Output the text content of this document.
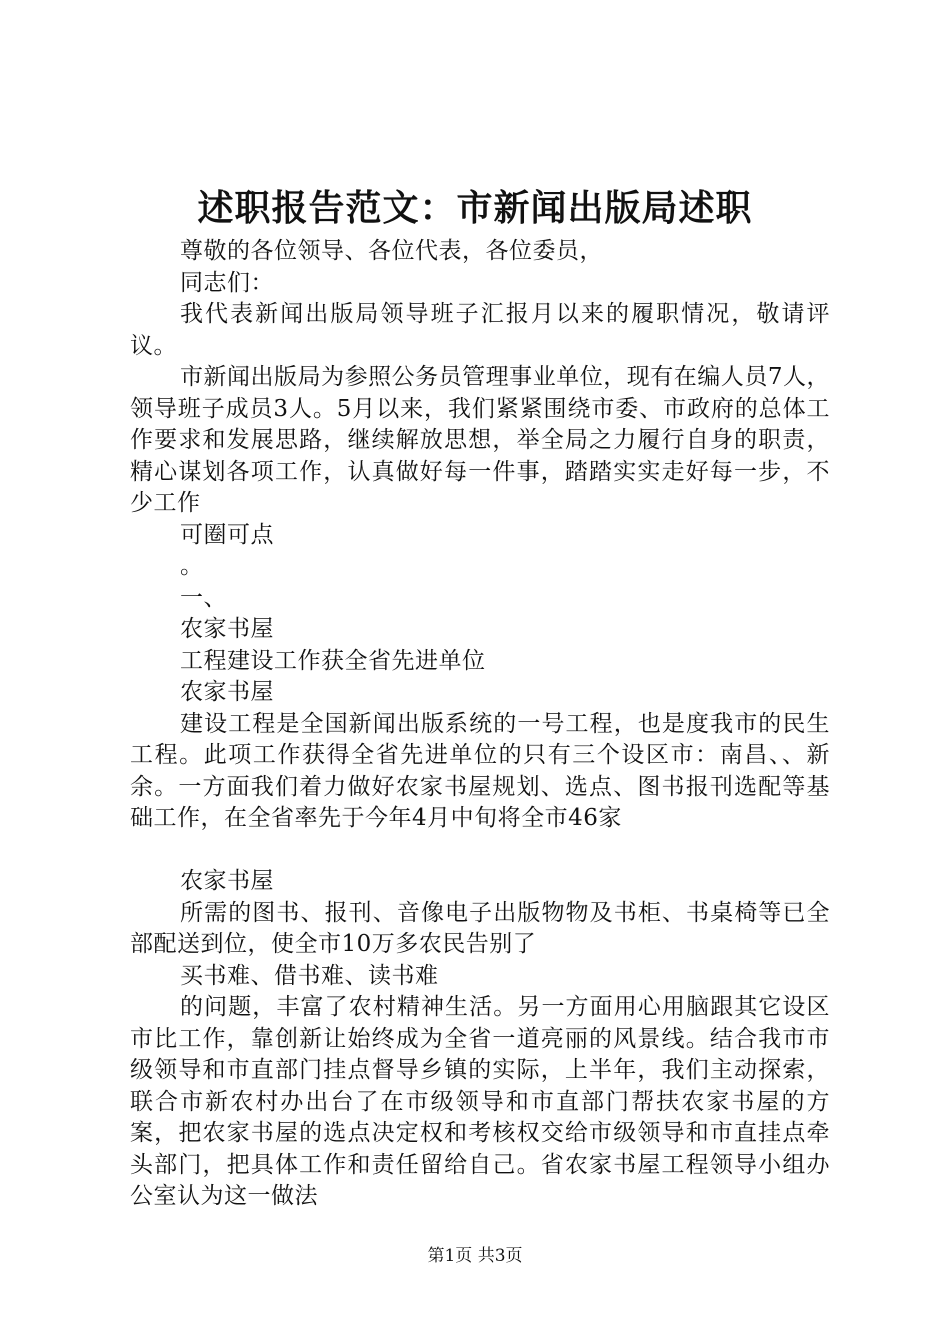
述职报告范文：市新闻出版局述职

尊敬的各位领导、各位代表，各位委员，

同志们：

我代表新闻出版局领导班子汇报月以来的履职情况，敬请评议。

市新闻出版局为参照公务员管理事业单位，现有在编人员7人，领导班子成员3人。5月以来，我们紧紧围绕市委、市政府的总体工作要求和发展思路，继续解放思想，举全局之力履行自身的职责，精心谋划各项工作，认真做好每一件事，踏踏实实走好每一步，不少工作

可圈可点

。

一、

农家书屋

工程建设工作获全省先进单位

农家书屋

建设工程是全国新闻出版系统的一号工程，也是度我市的民生工程。此项工作获得全省先进单位的只有三个设区市：南昌、、新余。一方面我们着力做好农家书屋规划、选点、图书报刊选配等基础工作，在全省率先于今年4月中旬将全市46家

农家书屋

所需的图书、报刊、音像电子出版物物及书柜、书桌椅等已全部配送到位，使全市10万多农民告别了

买书难、借书难、读书难

的问题，丰富了农村精神生活。另一方面用心用脑跟其它设区市比工作，靠创新让始终成为全省一道亮丽的风景线。结合我市市级领导和市直部门挂点督导乡镇的实际，上半年，我们主动探索，联合市新农村办出台了在市级领导和市直部门帮扶农家书屋的方案，把农家书屋的选点决定权和考核权交给市级领导和市直挂点牵头部门，把具体工作和责任留给自己。省农家书屋工程领导小组办公室认为这一做法

第1页 共3页
